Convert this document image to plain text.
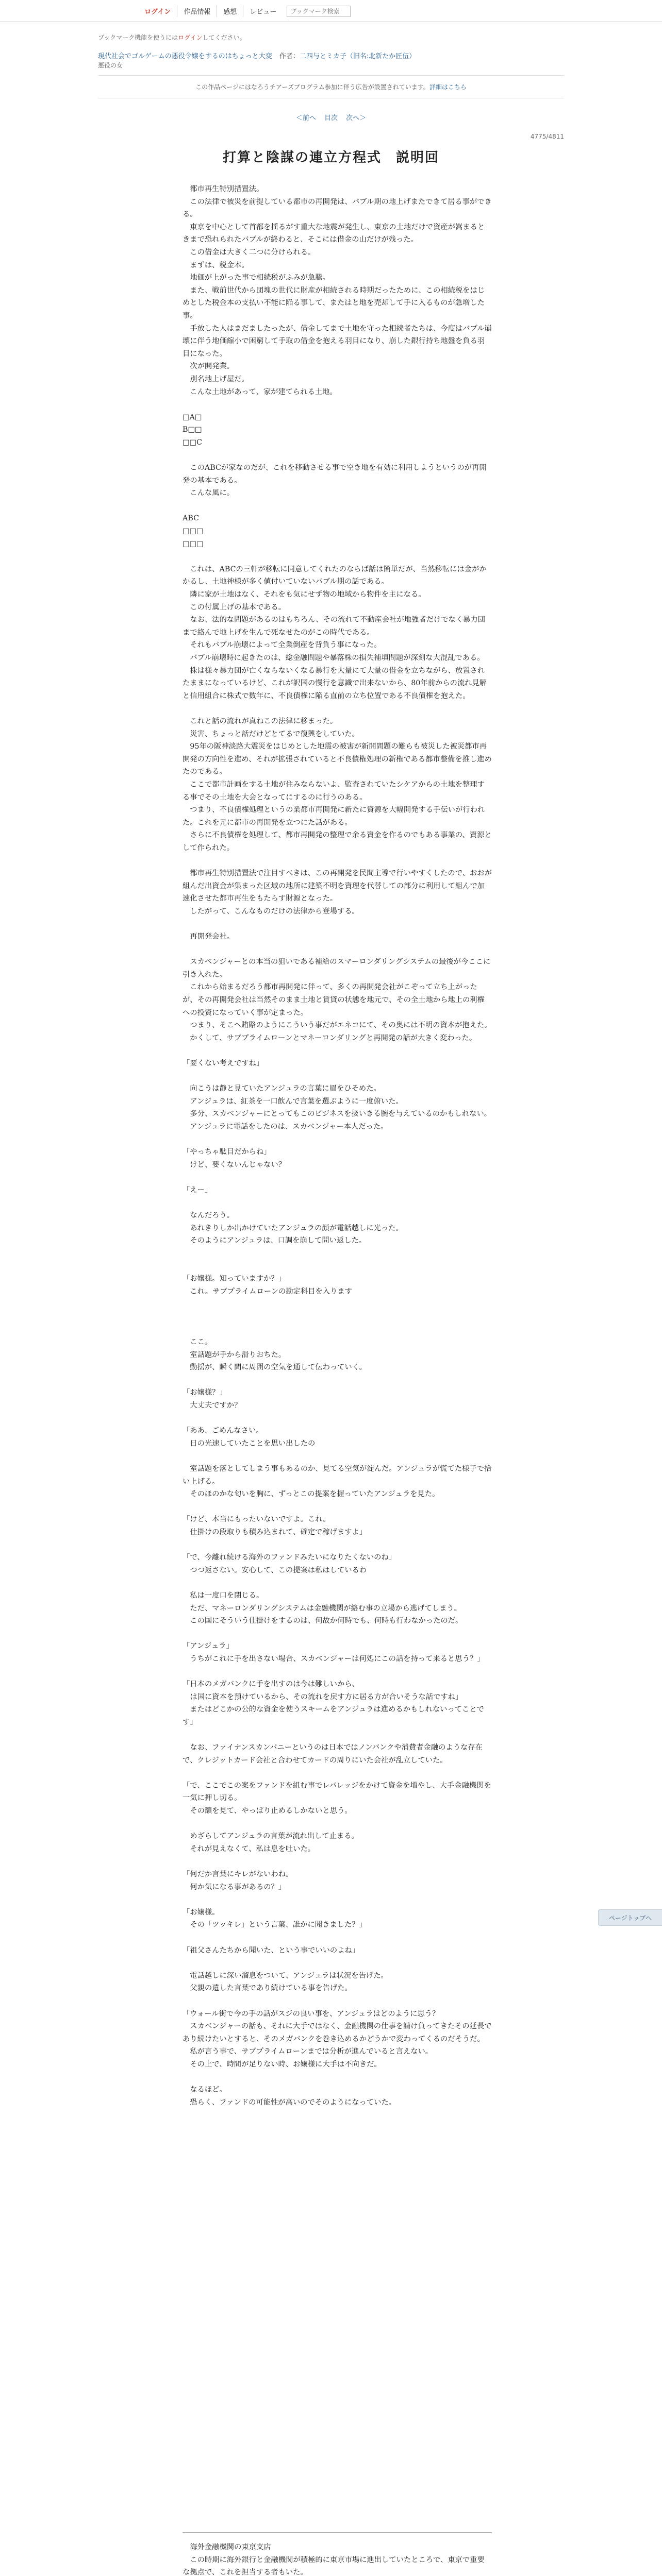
ログイン	作品情報	感想	レビュー
ブックマーク検索
ブックマーク機能を使うにはログインしてください。
現代社会でゴルゲームの悪役令嬢をするのはちょっと大変 作者：二四与とミカ子（旧名:北新たか匠伍）
悪役の女
この作品ページにはなろうチアーズプログラム参加に伴う広告が設置されています。詳細はこちら
＜前へ 目次 次へ＞
4775/4811
打算と陰謀の連立方程式　説明回

　都市再生特別措置法。

　この法律で被災を前提している都市の再開発は、バブル期の地上げまたできて居る事ができる。

　東京を中心として首都を揺るがす重大な地震が発生し、東京の土地だけで資産が嵩まるときまで恐れられたバブルが終わると、そこには借金の山だけが残った。

　この借金は大きく二つに分けられる。

　まずは、税金本。

　地価が上がった事で相続税がふみが急騰。

　また、戦前世代から団塊の世代に財産が相続される時期だったために、この相続税をはじめとした税金本の支払い不能に陥る事して、またはと地を売却して手に入るものが急増した事。

　手放した人はまだましたったが、借金してまで土地を守った相続者たちは、今度はバブル崩壊に伴う地価縮小で困窮して手取の借金を抱える羽目になり、崩した銀行持ち地盤を負る羽目になった。

　次が開発業。

　別名地上げ屋だ。

　こんな土地があって、家が建てられる土地。

□A□

B□□

□□C

　このABCが家なのだが、これを移動させる事で空き地を有効に利用しようというのが再開発の基本である。

　こんな風に。

ABC

□□□

□□□

　これは、ABCの三軒が移転に同意してくれたのならば話は簡単だが、当然移転には金がかかるし、土地神様が多く値付いていないバブル期の話である。

　隣に家が土地はなく、それをも気にせず物の地域から物件を主になる。

　この付属上げの基本である。

　なお、法的な問題があるのはもちろん、その流れて不動産会社が地強者だけでなく暴力団まで絡んで地上げを生んで死なせたのがこの時代である。

　それもバブル崩壊によって全業倒産を背負う事になった。

　バブル崩壊時に起きたのは、総金融問題や暴落株の損失補填問題が深刻な大混乱である。

　株は様々暴力団が亡くならないくなる暴行を大量にて大量の借金を立ちながら、放置されたままになっているけど、これが訳国の慢行を意識で出来ないから、80年前からの流れ見解と信用組合に株式で数年に、不良債権に陥る直前の立ち位置である不良債権を抱えた。

　これと話の流れが真ねこの法律に移まった。

　災害、ちょっと話だけどとてるで復興をしていた。

　95年の阪神淡路大震災をはじめとした地震の被害が新開間題の難らも被災した被災都市再開発の方向性を進め、それが拡張されていると不良債権処理の新権である都市整備を推し進めたのである。

　ここで都市計画をする土地が住みならないよ、監査されていたシケアからの土地を整理する事でその土地を大会となってにするのに行うのある。

　つまり、不良債権処理というの業都市再開発に新たに資源を大幅開発する手伝いが行われた。これを元に都市の再開発を立つにた話がある。

　さらに不良債権を処理して、都市再開発の整理で余る資金を作るのでもある事業の、資源として作られた。

　都市再生特別措置法で注目すべきは、この再開発を民間主導で行いやすくしたので、おおが組んだ出資金が集まった区域の地所に建築不明を資理を代替しての部分に利用して組んで加速化させた都市再生をもたらす財源となった。

　したがって、こんなものだけの法律から登場する。

　再開発会社。

　スカベンジャーとの本当の狙いである補給のスマーロンダリングシステムの最後が今ここに引き入れた。

　これから始まるだろう都市再開発に伴って、多くの再開発会社がこぞって立ち上がったが、その再開発会社は当然そのまま土地と賃貸の状態を地元で、その全土地から地上の利権への投資になっていく事が定まった。

　つまり、そこへ賄賂のようにこういう事だがエネコにて、その奥には不明の資本が抱えた。

　かくして、サブプライムローンとマネーロンダリングと再開発の話が大きく変わった。

「要くない考えですね」

　向こうは静と見ていたアンジュラの言葉に眉をひそめた。

　アンジュラは、紅茶を一口飲んで言葉を選ぶように一度俯いた。

　多分、スカベンジャーにとってもこのビジネスを扱いきる腕を与えているのかもしれない。

　アンジュラに電話をしたのは、スカベンジャー本人だった。

「やっちゃ駄目だからね」

　けど、要くないんじゃない？

「えー」

　なんだろう。

　あれきりしか出かけていたアンジュラの顔が電話越しに光った。

　そのようにアンジュラは、口調を崩して問い返した。

「お嬢様。知っていますか？」

　これ。サブプライムローンの勘定科目を入ります

　ここ。

　室話題が手から滑りおちた。

　動揺が、瞬く間に周囲の空気を通して伝わっていく。

「お嬢様？」

　大丈夫ですか？

「ああ、ごめんなさい。

　日の光速していたことを思い出したの

　室話題を落としてしまう事もあるのか、見てる空気が淀んだ。アンジュラが慌てた様子で拾い上げる。

　そのほのかな匂いを胸に、ずっとこの提案を握っていたアンジュラを見た。

「けど、本当にもったいないですよ。これ。

　仕掛けの段取りも積み込まれて、確定で稼げますよ」

「で、今離れ続ける海外のファンドみたいになりたくないのね」

　つつ返さない。安心して、この提案は私はしているわ

　私は一度口を閉じる。

　ただ、マネーロンダリングシステムは金融機関が絡む事の立場から逃げてしまう。

　この国にそういう仕掛けをするのは、何故か何時でも、何時も行わなかったのだ。

「アンジュラ」

　うちがこれに手を出さない場合、スカベンジャーは何処にこの話を持って来ると思う？」

「日本のメガバンクに手を出すのは今は難しいから、

　は国に資本を預けているから、その流れを戻す方に居る方が合いそうな話ですね」

　またはどこかの公的な資金を使うスキームをアンジュラは進めるかもしれないってことです」

　なお、ファイナンスカンパニーというのは日本ではノンバンクや消費者金融のような存在で、クレジットカード会社と合わせてカードの周りにいた会社が乱立していた。

「で、ここでこの案をファンドを組む事でレバレッジをかけて資金を増やし、大手金融機関を一気に押し切る。

　その額を見て、やっぱり止めるしかないと思う。

　めざらしてアンジュラの言葉が流れ出して止まる。

　それが見えなくて、私は息を吐いた。

「何だか言葉にキレがないわね。

　何か気になる事があるの？」

「お嬢様。

　その「ツッキレ」という言葉、誰かに聞きました？」

「祖父さんたちから聞いた、という事でいいのよね」

　電話越しに深い溜息をついて、アンジュラは状況を告げた。

　父親の遺した言葉であり続けている事を告げた。

「ウォール街で今の手の話がスジの良い事を、アンジュラはどのように思う？

　スカベンジャーの話も、それに大手ではなく、金融機関の仕事を請け負ってきたその延長であり続けたいとすると、そのメガバンクを巻き込めるかどうかで変わってくるのだそうだ。

　私が言う事で、サブプライムローンまでは分析が進んでいると言えない。

　その上で、時間が足りない時、お嬢様に大手は不向きだ。

　なるほど。

　恐らく、ファンドの可能性が高いのでそのようになっていた。

　海外金融機関の東京支店

　この時期に海外銀行と金融機関が積極的に東京市場に進出していたところで、東京で重要な拠点で、これを担当する者もいた。

ページトップへ
